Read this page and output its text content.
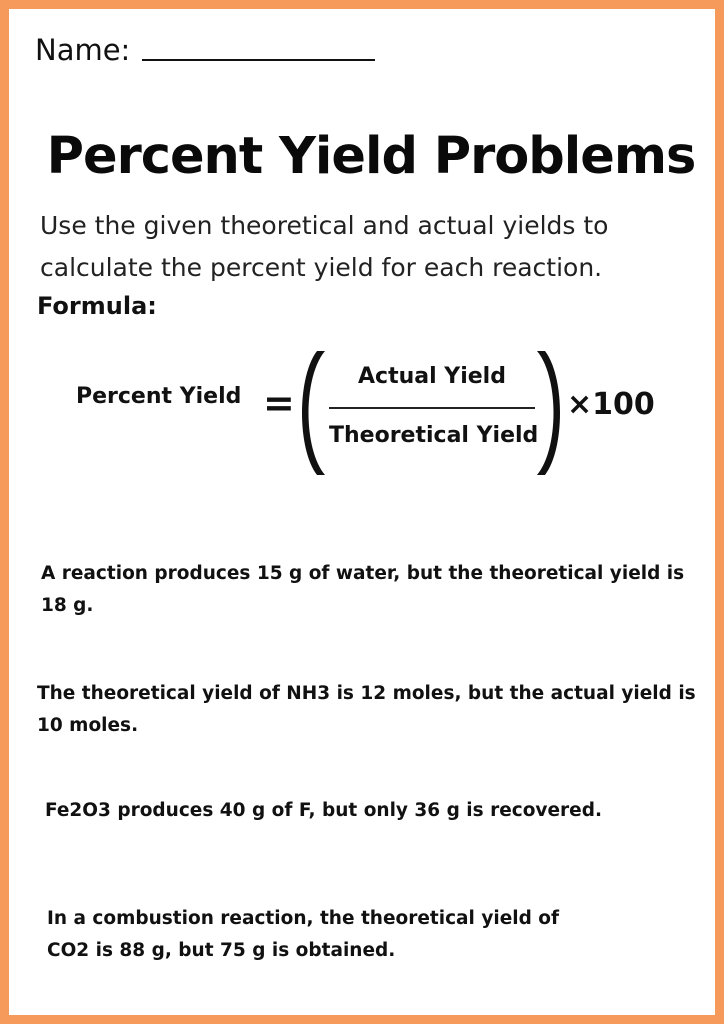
Name:
Percent Yield Problems
Use the given theoretical and actual yields to calculate the percent yield for each reaction.
Formula:
Percent Yield =
Actual Yield
Theoretical Yield
×100
A reaction produces 15 g of water, but the theoretical yield is 18 g.
The theoretical yield of NH3 is 12 moles, but the actual yield is 10 moles.
Fe2O3 produces 40 g of F, but only 36 g is recovered.
In a combustion reaction, the theoretical yield of CO2 is 88 g, but 75 g is obtained.
